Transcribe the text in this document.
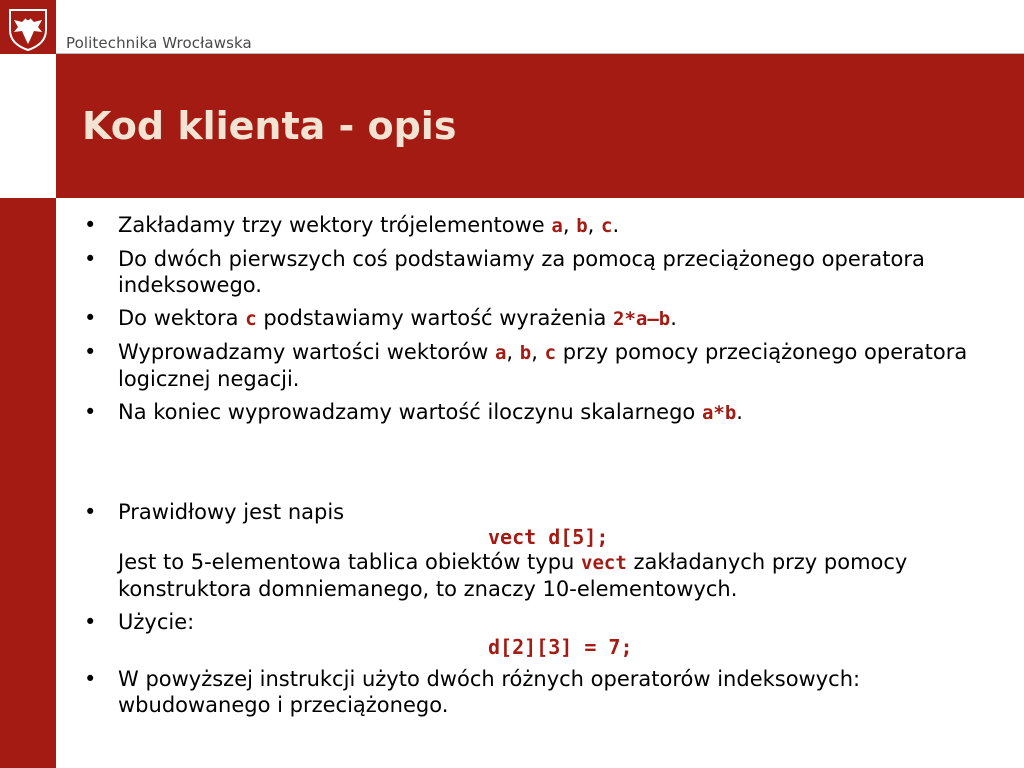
Politechnika Wrocławska
Kod klienta - opis
• Zakładamy trzy wektory trójelementowe a, b, c.
• Do dwóch pierwszych coś podstawiamy za pomocą przeciążonego operatora indeksowego.
• Do wektora c podstawiamy wartość wyrażenia 2*a–b.
• Wyprowadzamy wartości wektorów a, b, c przy pomocy przeciążonego operatora logicznej negacji.
• Na koniec wyprowadzamy wartość iloczynu skalarnego a*b.
• Prawidłowy jest napis
vect d[5];
Jest to 5-elementowa tablica obiektów typu vect zakładanych przy pomocy konstruktora domniemanego, to znaczy 10-elementowych.
• Użycie:
d[2][3] = 7;
• W powyższej instrukcji użyto dwóch różnych operatorów indeksowych: wbudowanego i przeciążonego.
